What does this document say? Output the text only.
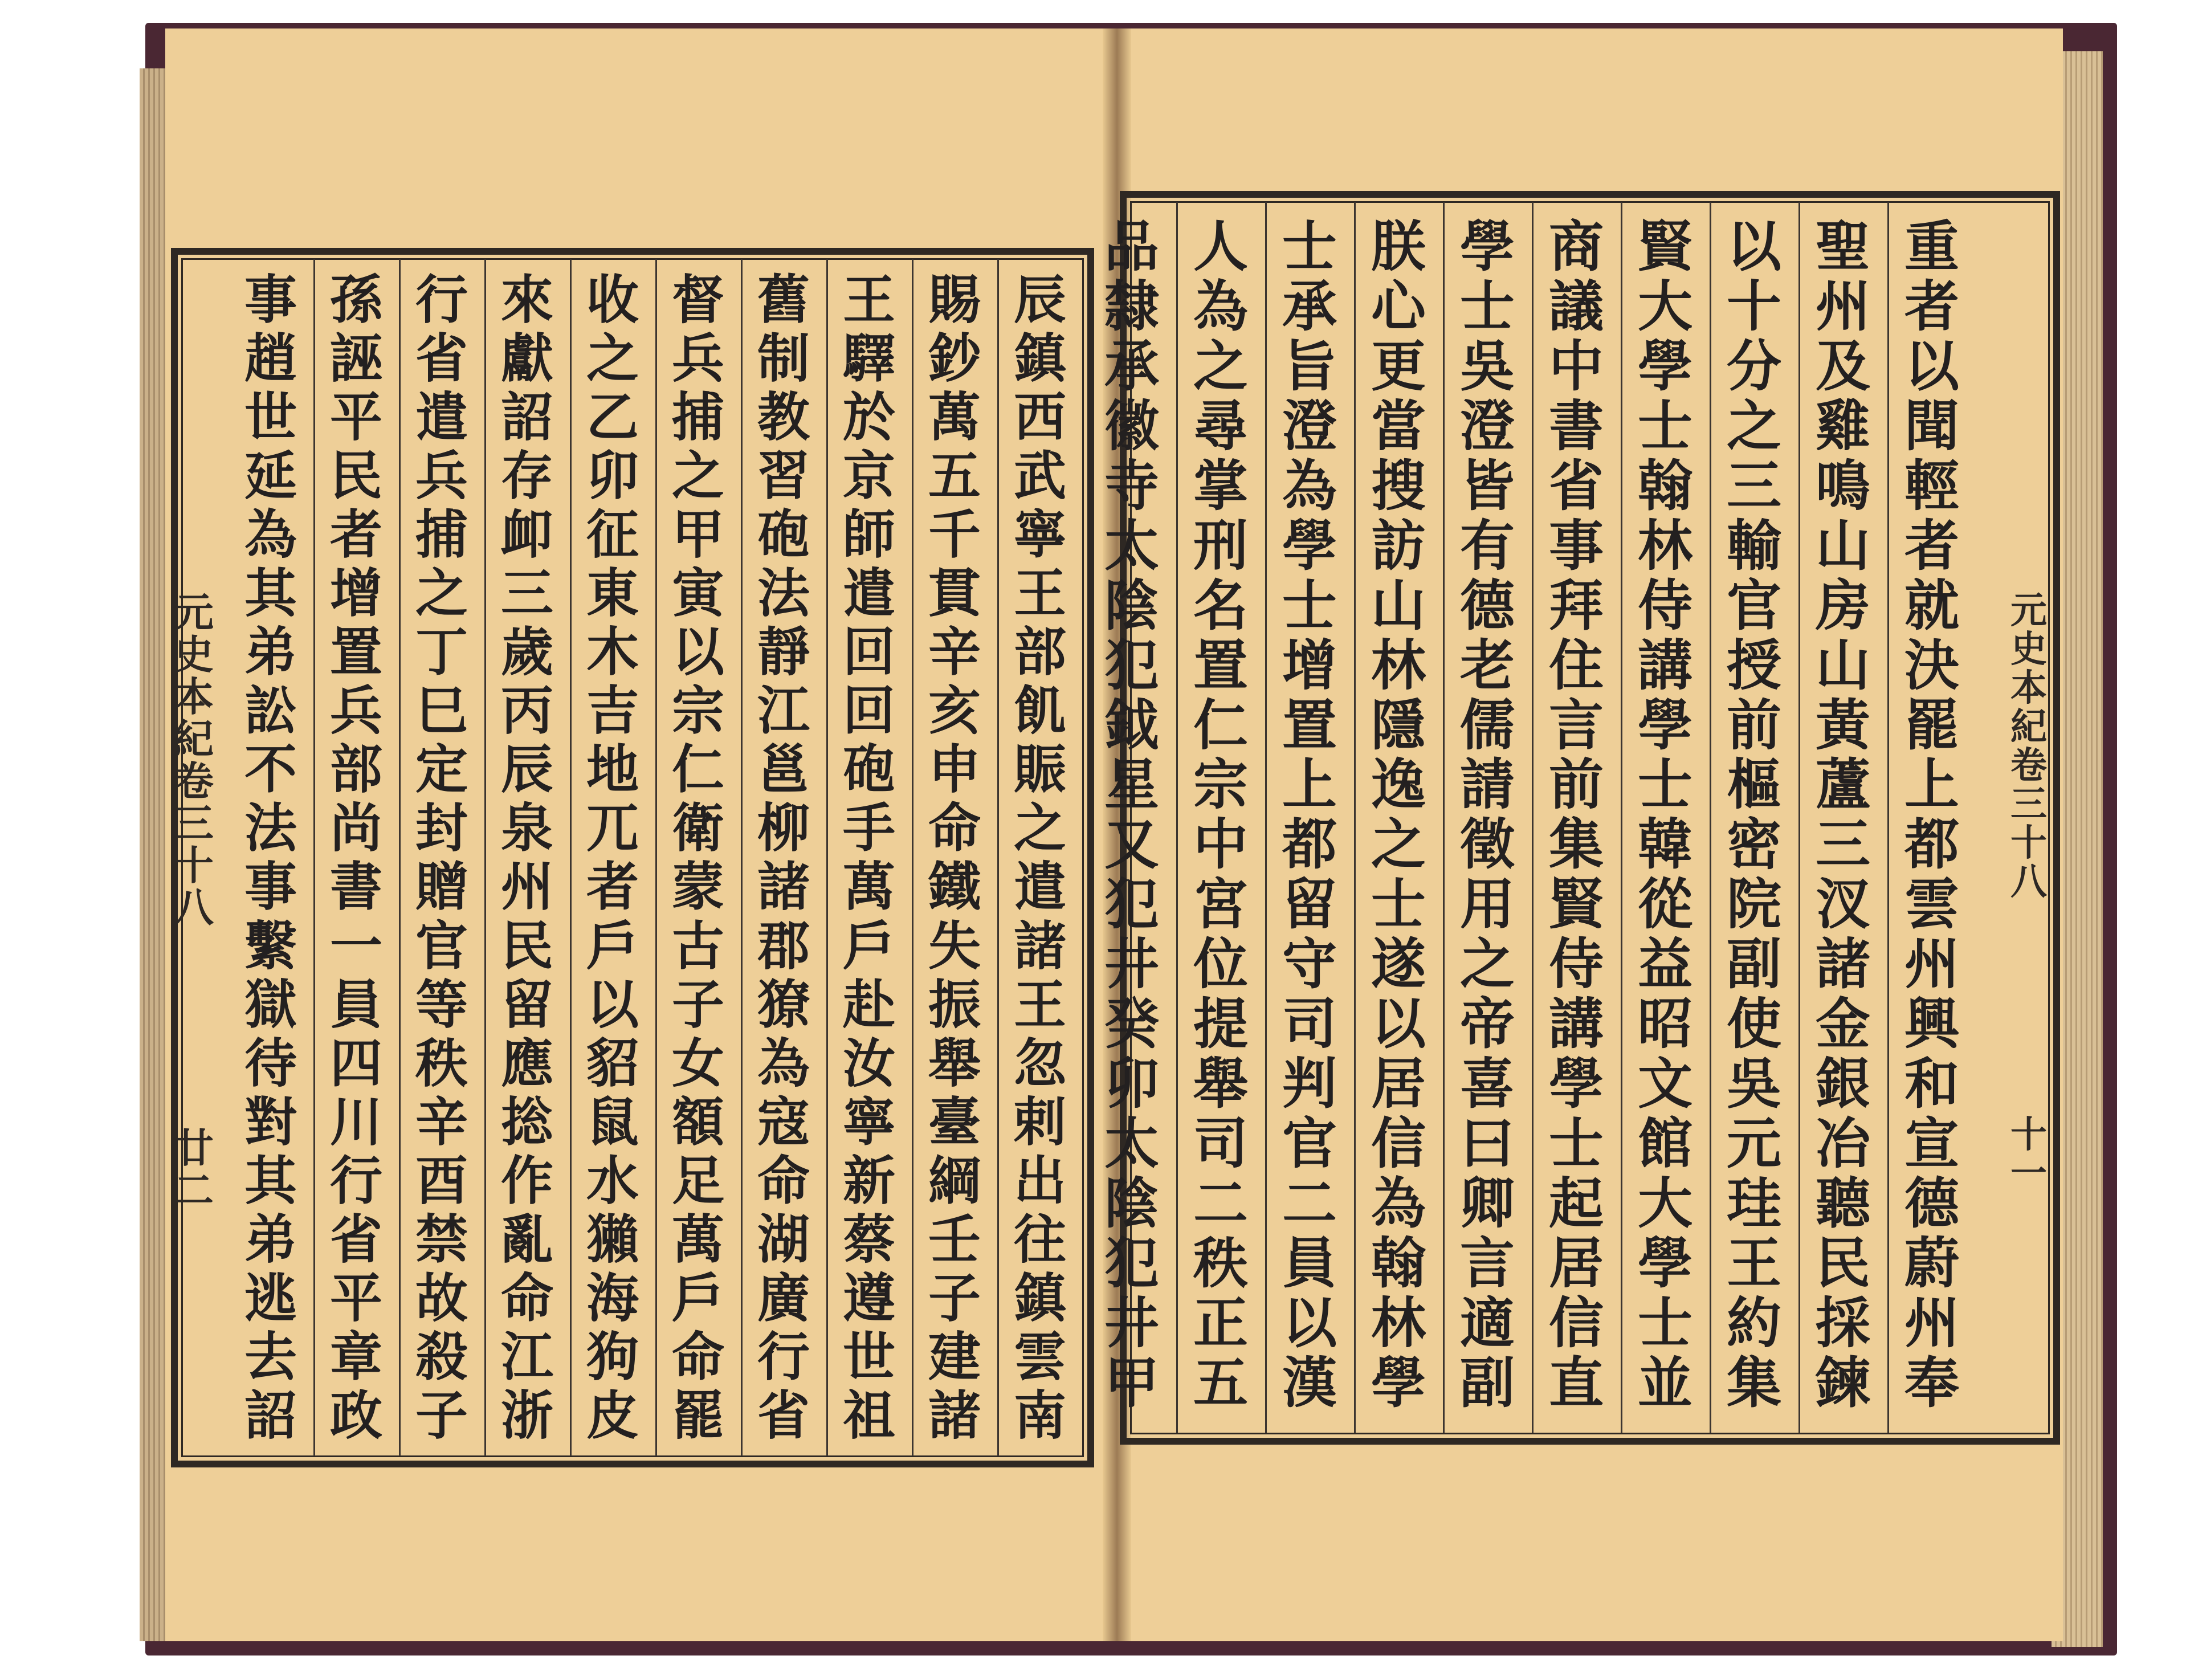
元
史
本
紀
卷
三
十
八
廿
二
元
史
本
紀
卷
三
十
八
十
一
辰
鎮
西
武
寧
王
部
飢
賑
之
遣
諸
王
忽
剌
出
往
鎮
雲
南
賜
鈔
萬
五
千
貫
辛
亥
申
命
鐵
失
振
舉
臺
綱
壬
子
建
諸
王
驛
於
京
師
遣
回
回
砲
手
萬
戶
赴
汝
寧
新
蔡
遵
世
祖
舊
制
教
習
砲
法
靜
江
邕
柳
諸
郡
獠
為
寇
命
湖
廣
行
省
督
兵
捕
之
甲
寅
以
宗
仁
衛
蒙
古
子
女
額
足
萬
戶
命
罷
收
之
乙
卯
征
東
木
吉
地
兀
者
戶
以
貂
鼠
水
獺
海
狗
皮
來
獻
詔
存
卹
三
歲
丙
辰
泉
州
民
留
應
捴
作
亂
命
江
浙
行
省
遣
兵
捕
之
丁
巳
定
封
贈
官
等
秩
辛
酉
禁
故
殺
子
孫
誣
平
民
者
增
置
兵
部
尚
書
一
員
四
川
行
省
平
章
政
事
趙
世
延
為
其
弟
訟
不
法
事
繫
獄
待
對
其
弟
逃
去
詔
重
者
以
聞
輕
者
就
決
罷
上
都
雲
州
興
和
宣
德
蔚
州
奉
聖
州
及
雞
鳴
山
房
山
黃
蘆
三
汊
諸
金
銀
冶
聽
民
採
鍊
以
十
分
之
三
輸
官
授
前
樞
密
院
副
使
吳
元
珪
王
約
集
賢
大
學
士
翰
林
侍
講
學
士
韓
從
益
昭
文
館
大
學
士
並
商
議
中
書
省
事
拜
住
言
前
集
賢
侍
講
學
士
起
居
信
直
學
士
吳
澄
皆
有
德
老
儒
請
徵
用
之
帝
喜
曰
卿
言
適
副
朕
心
更
當
搜
訪
山
林
隱
逸
之
士
遂
以
居
信
為
翰
林
學
士
承
旨
澄
為
學
士
增
置
上
都
留
守
司
判
官
二
員
以
漢
人
為
之
尋
掌
刑
名
置
仁
宗
中
宮
位
提
舉
司
二
秩
正
五
品
隸
承
徽
寺
太
陰
犯
鉞
星
又
犯
井
癸
卯
太
陰
犯
井
甲
